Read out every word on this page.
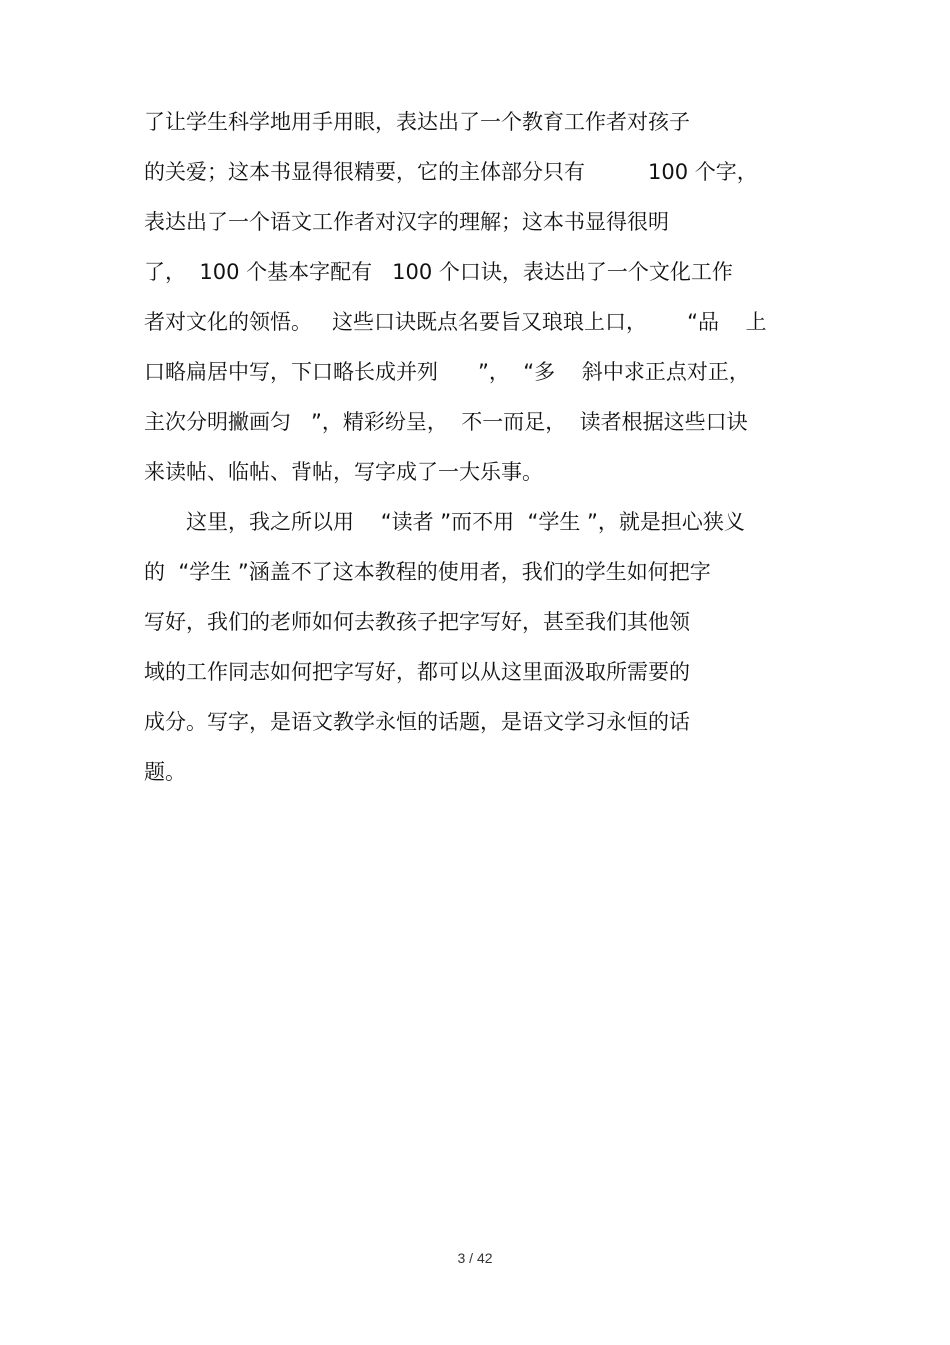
了让学生科学地用手用眼，表达出了一个教育工作者对孩子
的关爱；这本书显得很精要，它的主体部分只有　　　100 个字，
表达出了一个语文工作者对汉字的理解；这本书显得很明
了，  100 个基本字配有   100 个口诀，表达出了一个文化工作
者对文化的领悟。   这些口诀既点名要旨又琅琅上口，      “品    上
口略扁居中写，下口略长成并列      ”，  “多    斜中求正点对正，
主次分明撇画匀   ”，精彩纷呈，  不一而足，  读者根据这些口诀
来读帖、临帖、背帖，写字成了一大乐事。
　　这里，我之所以用    “读者 ”而不用  “学生 ”，就是担心狭义
的  “学生 ”涵盖不了这本教程的使用者，我们的学生如何把字
写好，我们的老师如何去教孩子把字写好，甚至我们其他领
域的工作同志如何把字写好，都可以从这里面汲取所需要的
成分。写字，是语文教学永恒的话题，是语文学习永恒的话
题。
3 / 42
